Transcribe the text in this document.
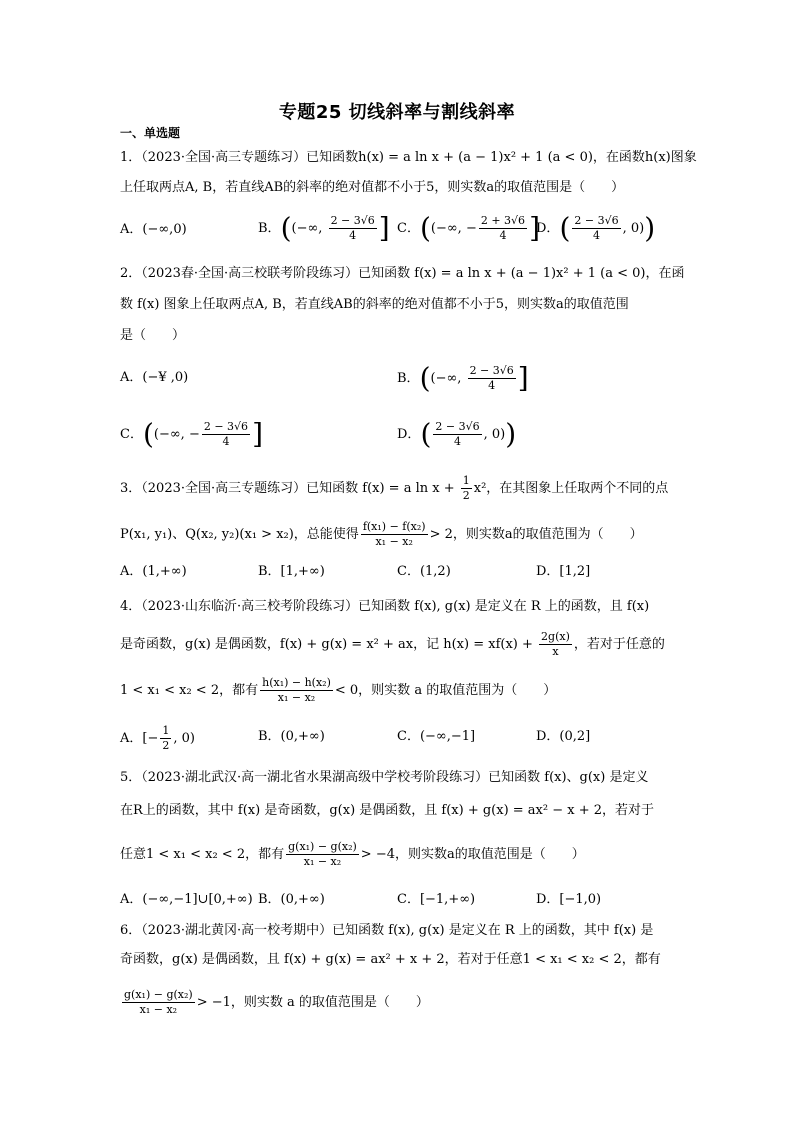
专题25 切线斜率与割线斜率
一、单选题
1．（2023·全国·高三专题练习）已知函数h(x) = a ln x + (a − 1)x² + 1 (a < 0)，在函数h(x)图象
上任取两点A, B，若直线AB的斜率的绝对值都不小于5，则实数a的取值范围是（　　）
A．(−∞,0)	B．((−∞, $\frac{2 - 3√6}{4}$ ] C．((−∞, − $\frac{2 + 3√6}{4}$ ]
D．( $\frac{2 - 3√6}{4}$ , 0))
2．（2023春·全国·高三校联考阶段练习）已知函数 f(x) = a ln x + (a − 1)x² + 1 (a < 0)，在函
数 f(x) 图象上任取两点A, B，若直线AB的斜率的绝对值都不小于5，则实数a的取值范围
是（　　）
A．(−¥ ,0)	B．((−∞, $\frac{2 - 3√6}{4}$ ]
C．((−∞, − $\frac{2 - 3√6}{4}$ ]	D．( $\frac{2 - 3√6}{4}$ , 0))
3．（2023·全国·高三专题练习）已知函数 f(x) = a $\ln x + \frac{1}{2} x^2$，在其图象上任取两个不同的点
P(x₁, y₁)、Q(x₂, y₂)(x₁ > x₂)，总能使得 $\frac{\text{f(x₁) − f(x₂)}}{\text{x₁ − x₂}} > 2$，则实数a的取值范围为（　　）
A．(1,+∞)	B．[1,+∞)	C．(1,2)	D．[1,2]
4．（2023·山东临沂·高三校考阶段练习）已知函数 f(x), g(x) 是定义在 R 上的函数，且 f(x)
是奇函数，g(x) 是偶函数，f(x) + g(x) = x² + ax，记 $h(x) = xf(x) + \frac{2g(x)}{x}$ ，若对于任意的
1 < x₁ < x₂ < 2，都有 $\frac{\text{h(x₁) − h(x₂)}}{\text{x₁ − x₂}} < 0$，则实数 a 的取值范围为（　　）
A．[− $\frac{1}{2}$ , 0)	B．(0,+∞)	C．(−∞,−1]	D．(0,2]
5．（2023·湖北武汉·高一湖北省水果湖高级中学校考阶段练习）已知函数 f(x)、g(x) 是定义
在R上的函数，其中 f(x) 是奇函数，g(x) 是偶函数，且 f(x) + g(x) = ax² − x + 2，若对于
任意1 < x₁ < x₂ < 2，都有 $\frac{\text{g(x₁) − g(x₂)}}{\text{x₁ − x₂}} > -4$，则实数a的取值范围是（　　）
A．(−∞,−1]∪[0,+∞) B．(0,+∞)	C．[−1,+∞)	D．[−1,0)
6．（2023·湖北黄冈·高一校考期中）已知函数 f(x), g(x) 是定义在 R 上的函数，其中 f(x) 是
奇函数，g(x) 是偶函数，且 f(x) + g(x) = ax² + x + 2，若对于任意1 < x₁ < x₂ < 2，都有
$\frac{\text{g(x₁) − g(x₂)}}{\text{x₁ − x₂}} > -1$，则实数 a 的取值范围是（　　）
